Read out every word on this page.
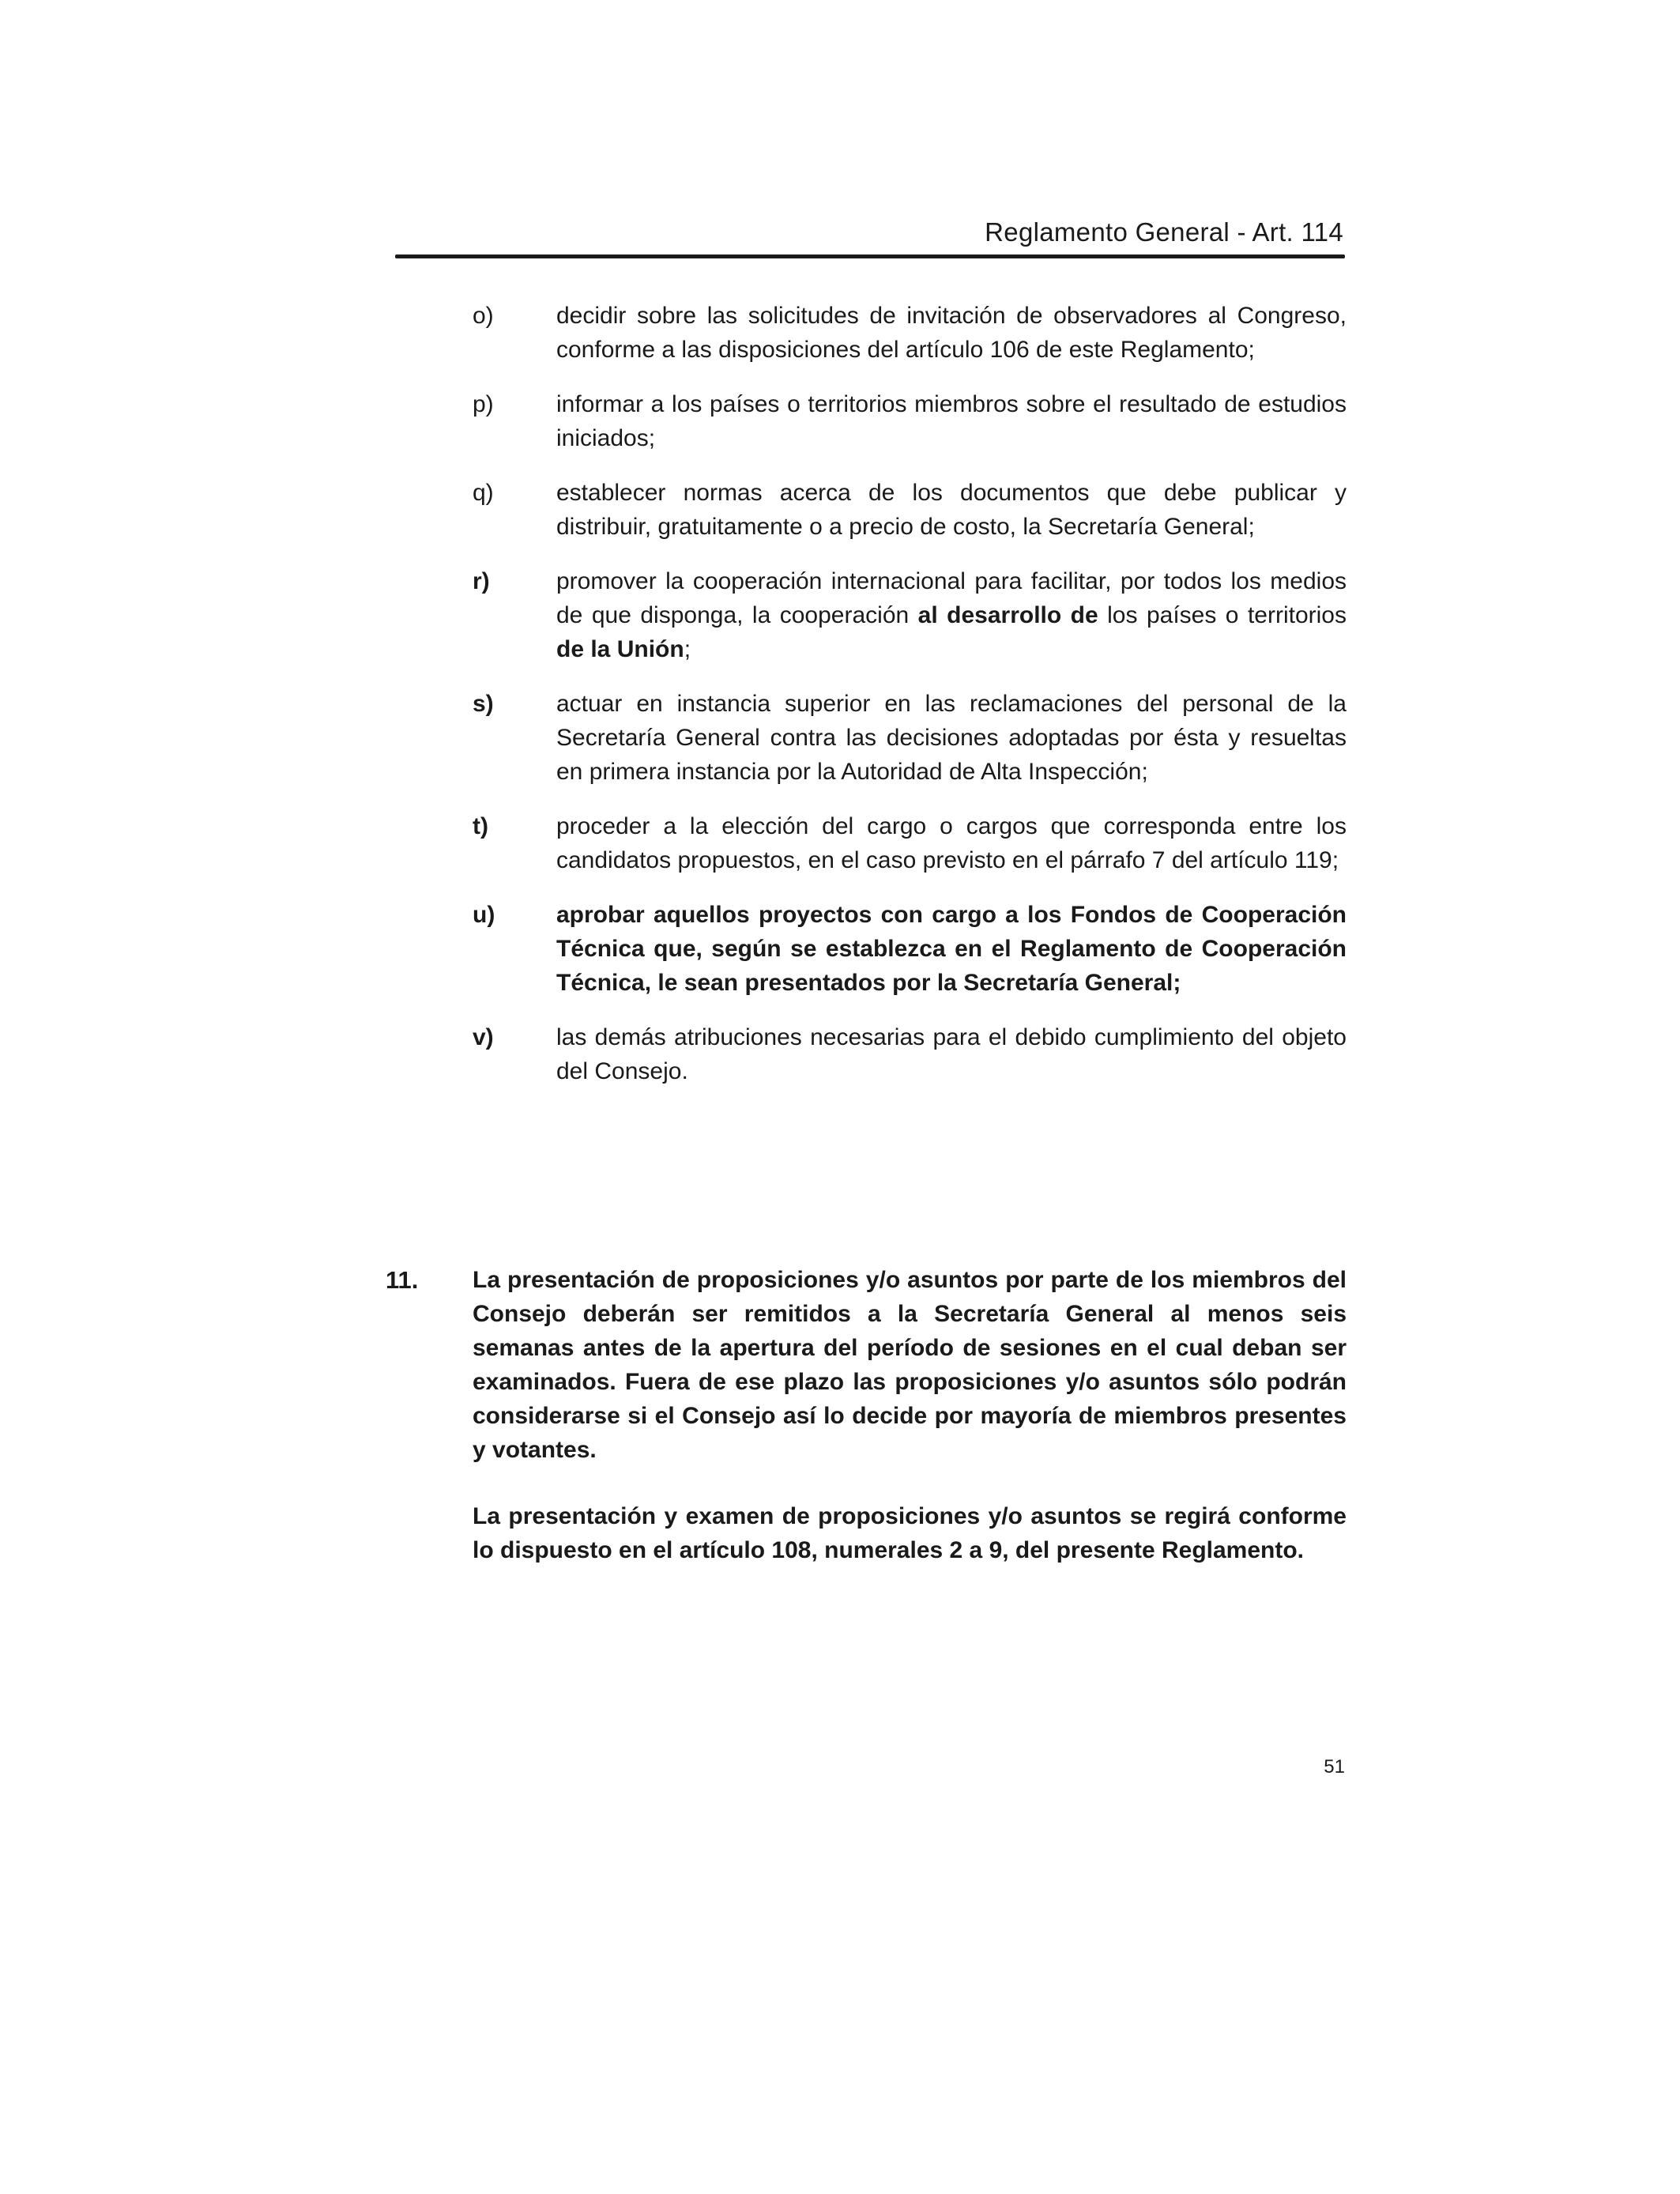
Reglamento General - Art. 114
o)	decidir sobre las solicitudes de invitación de observadores al Congreso, conforme a las disposiciones del artículo 106 de este Reglamento;
p)	informar a los países o territorios miembros sobre el resultado de estudios iniciados;
q)	establecer normas acerca de los documentos que debe publicar y distribuir, gratuitamente o a precio de costo, la Secretaría General;
r)	promover la cooperación internacional para facilitar, por todos los medios de que disponga, la cooperación al desarrollo de los países o territorios de la Unión;
s)	actuar en instancia superior en las reclamaciones del personal de la Secretaría General contra las decisiones adoptadas por ésta y resueltas en primera instancia por la Autoridad de Alta Inspección;
t)	proceder a la elección del cargo o cargos que corresponda entre los candidatos propuestos, en el caso previsto en el párrafo 7 del artículo 119;
u)	aprobar aquellos proyectos con cargo a los Fondos de Cooperación Técnica que, según se establezca en el Reglamento de Cooperación Técnica, le sean presentados por la Secretaría General;
v)	las demás atribuciones necesarias para el debido cumplimiento del objeto del Consejo.
11. La presentación de proposiciones y/o asuntos por parte de los miembros del Consejo deberán ser remitidos a la Secretaría General al menos seis semanas antes de la apertura del período de sesiones en el cual deban ser examinados. Fuera de ese plazo las proposiciones y/o asuntos sólo podrán considerarse si el Consejo así lo decide por mayoría de miembros presentes y votantes.

La presentación y examen de proposiciones y/o asuntos se regirá conforme lo dispuesto en el artículo 108, numerales 2 a 9, del presente Reglamento.

51
